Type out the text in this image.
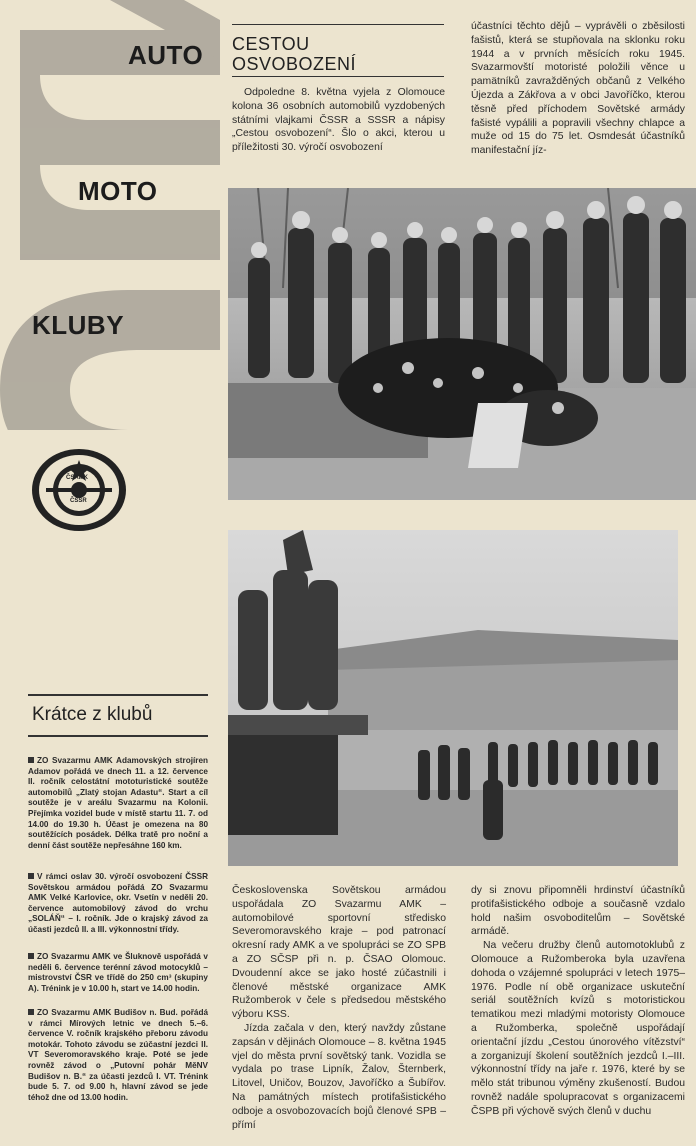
AUTO
MOTO
KLUBY
ČSAMK
ČSSR
CESTOU
OSVOBOZENÍ

Odpoledne 8. května vyjela z Olomouce kolona 36 osobních automobilů vyzdobených státními vlajkami ČSSR a SSSR a nápisy „Cestou osvobození“. Šlo o akci, kterou u příležitosti 30. výročí osvobození

účastníci těchto dějů – vyprávěli o zběsilosti fašistů, která se stupňovala na sklonku roku 1944 a v prvních měsících roku 1945. Svazarmovští motoristé položili věnce u pamätníků zavražděných občanů z Velkého Újezda a Zákřova a v obci Javoříčko, kterou těsně před příchodem Sovětské armády fašisté vypálili a popravili všechny chlapce a muže od 15 do 75 let. Osmdesát účastníků manifestační jíz-

Krátce z klubů
ZO Svazarmu AMK Adamovských strojíren Adamov pořádá ve dnech 11. a 12. července II. ročník celostátní mototuristické soutěže automobilů „Zlatý stojan Adastu“. Start a cíl soutěže je v areálu Svazarmu na Kolonii. Přejímka vozidel bude v místě startu 11. 7. od 14.00 do 19.30 h. Účast je omezena na 80 soutěžících posádek. Délka tratě pro noční a denní část soutěže nepřesáhne 160 km.
V rámci oslav 30. výročí osvobození ČSSR Sovětskou armádou pořádá ZO Svazarmu AMK Velké Karlovice, okr. Vsetín v neděli 20. července automobilový závod do vrchu „SOLÁŇ“ – I. ročník. Jde o krajský závod za účasti jezdců II. a III. výkonnostní třídy.
ZO Svazarmu AMK ve Šluknově uspořádá v neděli 6. července terénní závod motocyklů – mistrovství ČSR ve třídě do 250 cm³ (skupiny A). Trénink je v 10.00 h, start ve 14.00 hodin.
ZO Svazarmu AMK Budišov n. Bud. pořádá v rámci Mírových letnic ve dnech 5.–6. července V. ročník krajského přeboru závodu motokár. Tohoto závodu se zúčastní jezdci II. VT Severomoravského kraje. Poté se jede rovněž závod o „Putovní pohár MěNV Budišov n. B.“ za účasti jezdců I. VT. Trénink bude 5. 7. od 9.00 h, hlavní závod se jede téhož dne od 13.00 hodin.

Československa Sovětskou armádou uspořádala ZO Svazarmu AMK – automobilové sportovní středisko Severomoravského kraje – pod patronací okresní rady AMK a ve spolupráci se ZO SPB a ZO SČSP při n. p. ČSAO Olomouc. Dvoudenní akce se jako hosté zúčastnili i členové městské organizace AMK Ružomberok v čele s předsedou městského výboru KSS.

Jízda začala v den, který navždy zůstane zapsán v dějinách Olomouce – 8. května 1945 vjel do města první sovětský tank. Vozidla se vydala po trase Lipník, Žalov, Šternberk, Litovel, Uničov, Bouzov, Javoříčko a Šubířov. Na památných místech protifašistického odboje a osvobozovacích bojů členové SPB – přímí

dy si znovu připomněli hrdinství účastníků protifašistického odboje a současně vzdalo hold našim osvoboditelům – Sovětské armádě.

Na večeru družby členů automotoklubů z Olomouce a Ružomberoka byla uzavřena dohoda o vzájemné spolupráci v letech 1975–1976. Podle ní obě organizace uskuteční seriál soutěžních kvízů s motoristickou tematikou mezi mladými motoristy Olomouce a Ružomberka, společně uspořádají orientační jízdu „Cestou únorového vítězství“ a zorganizují školení soutěžních jezdců I.–III. výkonnostní třídy na jaře r. 1976, které by se mělo stát tribunou výměny zkušeností. Budou rovněž nadále spolupracovat s organizacemi ČSPB při výchově svých členů v duchu
